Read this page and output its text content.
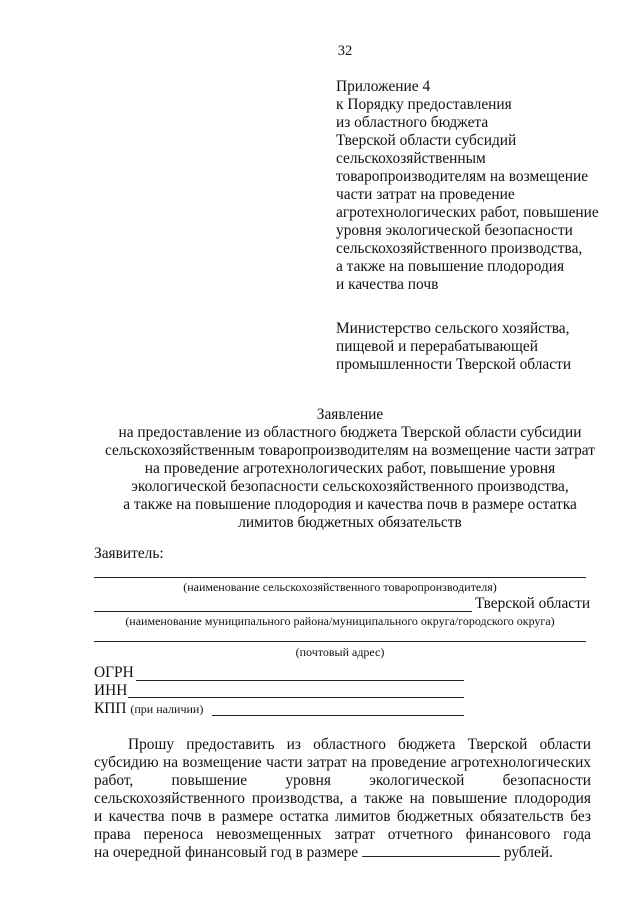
32
Приложение 4
к Порядку предоставления
из областного бюджета
Тверской области субсидий
сельскохозяйственным
товаропроизводителям на возмещение
части затрат на проведение
агротехнологических работ, повышение
уровня экологической безопасности
сельскохозяйственного производства,
а также на повышение плодородия
и качества почв
Министерство сельского хозяйства,
пищевой и перерабатывающей
промышленности Тверской области
Заявление
на предоставление из областного бюджета Тверской области субсидии
сельскохозяйственным товаропроизводителям на возмещение части затрат
на проведение агротехнологических работ, повышение уровня
экологической безопасности сельскохозяйственного производства,
а также на повышение плодородия и качества почв в размере остатка
лимитов бюджетных обязательств
Заявитель:
(наименование сельскохозяйственного товаропроизводителя)
Тверской области
(наименование муниципального района/муниципального округа/городского округа)
(почтовый адрес)
ОГРН
ИНН
КПП (при наличии)
Прошу предоставить из областного бюджета Тверской области
субсидию на возмещение части затрат на проведение агротехнологических
работ, повышение уровня экологической безопасности
сельскохозяйственного производства, а также на повышение плодородия
и качества почв в размере остатка лимитов бюджетных обязательств без
права переноса невозмещенных затрат отчетного финансового года
на очередной финансовый год в размере	рублей.
